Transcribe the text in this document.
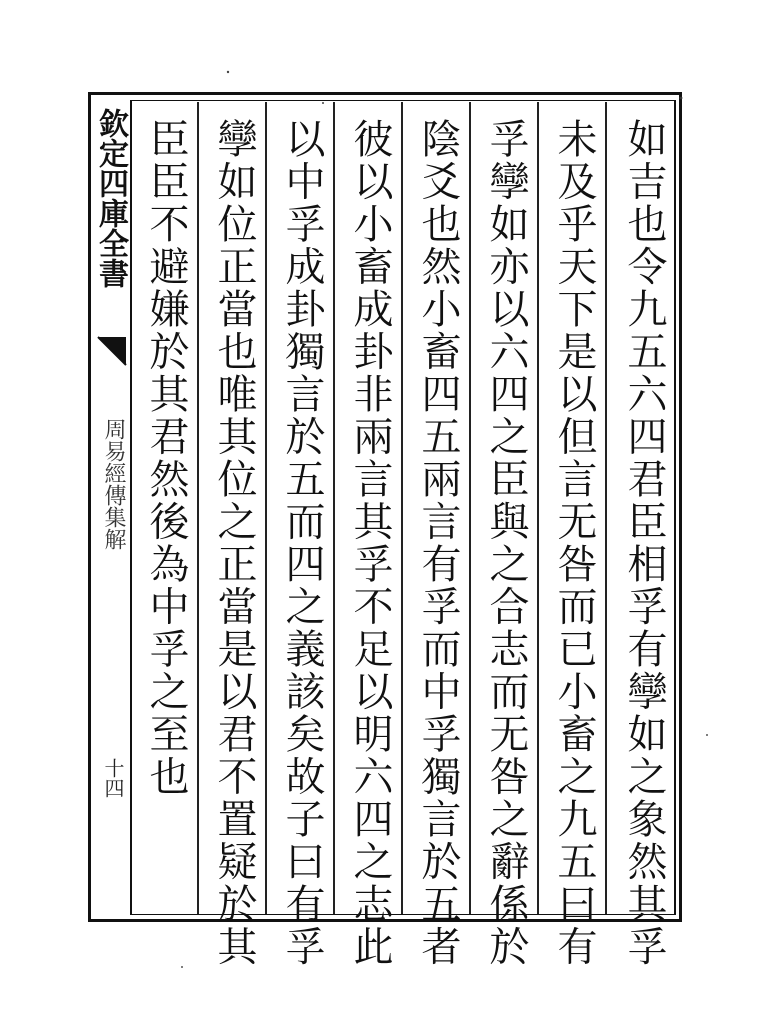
欽定四庫全書
周易經傳集解
十四	如吉也令九五六四君臣相孚有孿如之象然其孚
未及乎天下是以但言无咎而已小畜之九五曰有
孚孿如亦以六四之臣與之合志而无咎之辭係於
陰爻也然小畜四五兩言有孚而中孚獨言於五者
彼以小畜成卦非兩言其孚不足以明六四之志此
以中孚成卦獨言於五而四之義該矣故子曰有孚
孿如位正當也唯其位之正當是以君不置疑於其
臣臣不避嫌於其君然後為中孚之至也
